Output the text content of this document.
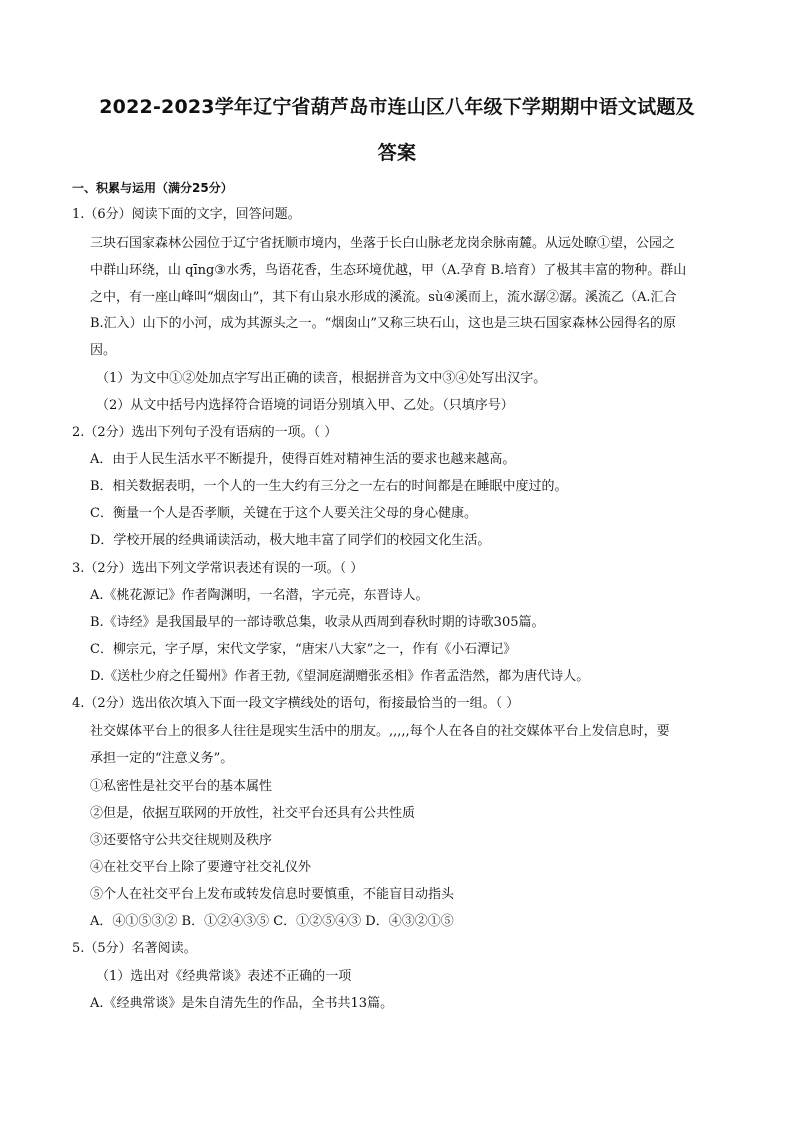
2022-2023学年辽宁省葫芦岛市连山区八年级下学期期中语文试题及
答案
一、积累与运用（满分25分）
1.（6分）阅读下面的文字，回答问题。
三块石国家森林公园位于辽宁省抚顺市境内，坐落于长白山脉老龙岗余脉南麓。从远处瞭①望，公园之
中群山环绕，山 qīng③水秀，鸟语花香，生态环境优越，甲（A.孕育 B.培育）了极其丰富的物种。群山
之中，有一座山峰叫“烟囱山”，其下有山泉水形成的溪流。sù④溪而上，流水潺②潺。溪流乙（A.汇合
B.汇入）山下的小河，成为其源头之一。“烟囱山”又称三块石山，这也是三块石国家森林公园得名的原
因。
（1）为文中①②处加点字写出正确的读音，根据拼音为文中③④处写出汉字。
（2）从文中括号内选择符合语境的词语分别填入甲、乙处。（只填序号）
2.（2分）选出下列句子没有语病的一项。（ ）
A．由于人民生活水平不断提升，使得百姓对精神生活的要求也越来越高。
B．相关数据表明，一个人的一生大约有三分之一左右的时间都是在睡眠中度过的。
C．衡量一个人是否孝顺，关键在于这个人要关注父母的身心健康。
D．学校开展的经典诵读活动，极大地丰富了同学们的校园文化生活。
3.（2分）选出下列文学常识表述有误的一项。（ ）
A.《桃花源记》作者陶渊明，一名潜，字元亮，东晋诗人。
B.《诗经》是我国最早的一部诗歌总集，收录从西周到春秋时期的诗歌305篇。
C．柳宗元，字子厚，宋代文学家，“唐宋八大家”之一，作有《小石潭记》
D.《送杜少府之任蜀州》作者王勃,《望洞庭湖赠张丞相》作者孟浩然，都为唐代诗人。
4.（2分）选出依次填入下面一段文字横线处的语句，衔接最恰当的一组。（ ）
社交媒体平台上的很多人往往是现实生活中的朋友。,,,,,每个人在各自的社交媒体平台上发信息时，要
承担一定的“注意义务”。
①私密性是社交平台的基本属性
②但是，依据互联网的开放性，社交平台还具有公共性质
③还要恪守公共交往规则及秩序
④在社交平台上除了要遵守社交礼仪外
⑤个人在社交平台上发布或转发信息时要慎重，不能盲目动指头
A．④①⑤③② B．①②④③⑤ C．①②⑤④③ D．④③②①⑤
5.（5分）名著阅读。
（1）选出对《经典常谈》表述不正确的一项
A.《经典常谈》是朱自清先生的作品，全书共13篇。
